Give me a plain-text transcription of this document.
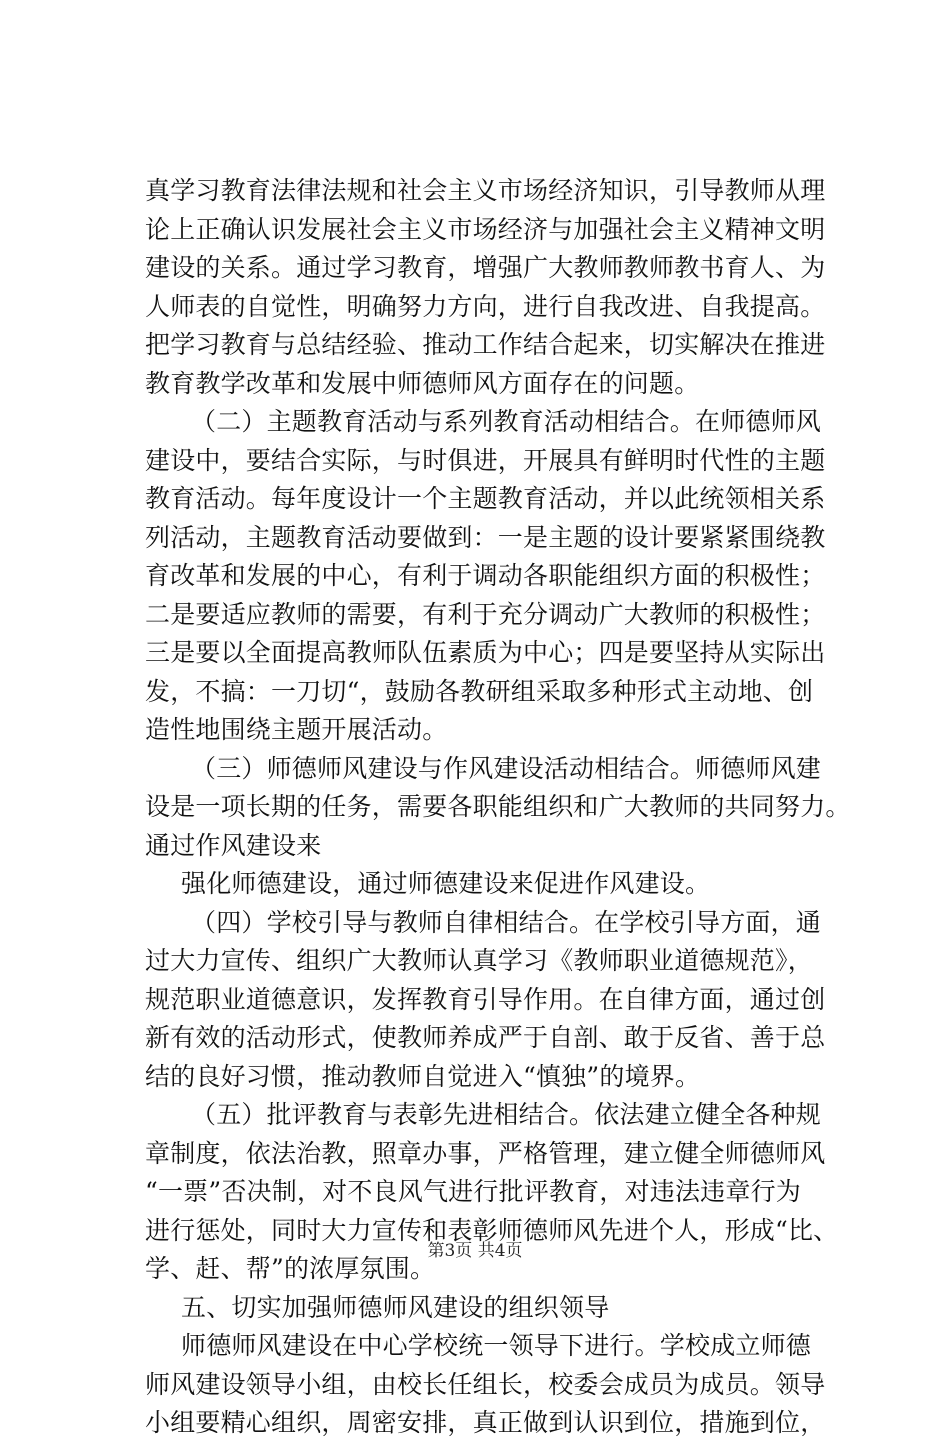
真学习教育法律法规和社会主义市场经济知识，引导教师从理
论上正确认识发展社会主义市场经济与加强社会主义精神文明
建设的关系。通过学习教育，增强广大教师教师教书育人、为
人师表的自觉性，明确努力方向，进行自我改进、自我提高。
把学习教育与总结经验、推动工作结合起来，切实解决在推进
教育教学改革和发展中师德师风方面存在的问题。
（二）主题教育活动与系列教育活动相结合。在师德师风
建设中，要结合实际，与时俱进，开展具有鲜明时代性的主题
教育活动。每年度设计一个主题教育活动，并以此统领相关系
列活动，主题教育活动要做到：一是主题的设计要紧紧围绕教
育改革和发展的中心，有利于调动各职能组织方面的积极性；
二是要适应教师的需要，有利于充分调动广大教师的积极性；
三是要以全面提高教师队伍素质为中心；四是要坚持从实际出
发，不搞：一刀切“，鼓励各教研组采取多种形式主动地、创
造性地围绕主题开展活动。
（三）师德师风建设与作风建设活动相结合。师德师风建
设是一项长期的任务，需要各职能组织和广大教师的共同努力。
通过作风建设来
强化师德建设，通过师德建设来促进作风建设。
（四）学校引导与教师自律相结合。在学校引导方面，通
过大力宣传、组织广大教师认真学习《教师职业道德规范》，
规范职业道德意识，发挥教育引导作用。在自律方面，通过创
新有效的活动形式，使教师养成严于自剖、敢于反省、善于总
结的良好习惯，推动教师自觉进入“慎独”的境界。
（五）批评教育与表彰先进相结合。依法建立健全各种规
章制度，依法治教，照章办事，严格管理，建立健全师德师风
“一票”否决制，对不良风气进行批评教育，对违法违章行为
进行惩处，同时大力宣传和表彰师德师风先进个人，形成“比、
学、赶、帮”的浓厚氛围。
五、切实加强师德师风建设的组织领导
师德师风建设在中心学校统一领导下进行。学校成立师德
师风建设领导小组，由校长任组长，校委会成员为成员。领导
小组要精心组织，周密安排，真正做到认识到位，措施到位，
第3页 共4页
